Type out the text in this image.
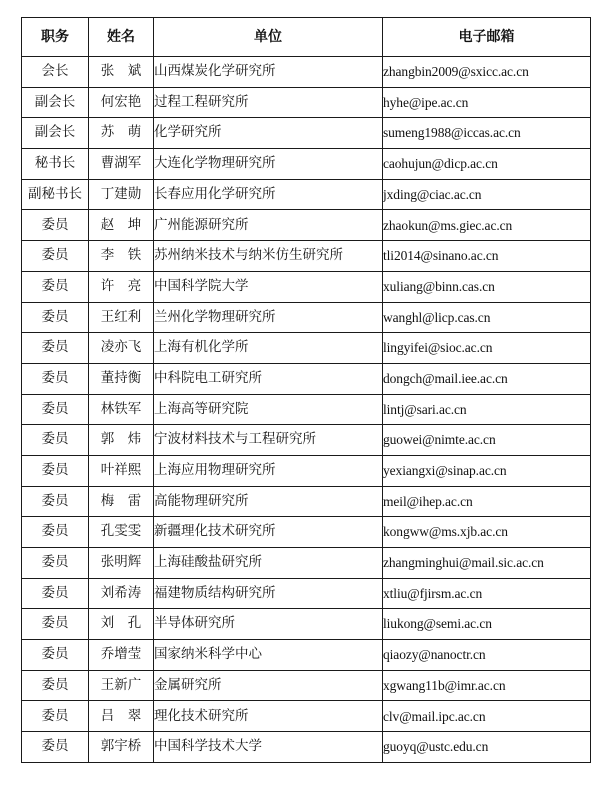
职务	姓名	单位	电子邮箱
会长	张　斌	山西煤炭化学研究所	zhangbin2009@sxicc.ac.cn
副会长	何宏艳	过程工程研究所	hyhe@ipe.ac.cn
副会长	苏　萌	化学研究所	sumeng1988@iccas.ac.cn
秘书长	曹湖军	大连化学物理研究所	caohujun@dicp.ac.cn
副秘书长	丁建勋	长春应用化学研究所	jxding@ciac.ac.cn
委员	赵　坤	广州能源研究所	zhaokun@ms.giec.ac.cn
委员	李　铁	苏州纳米技术与纳米仿生研究所	tli2014@sinano.ac.cn
委员	许　亮	中国科学院大学	xuliang@binn.cas.cn
委员	王红利	兰州化学物理研究所	wanghl@licp.cas.cn
委员	凌亦飞	上海有机化学所	lingyifei@sioc.ac.cn
委员	董持衡	中科院电工研究所	dongch@mail.iee.ac.cn
委员	林铁军	上海高等研究院	lintj@sari.ac.cn
委员	郭　炜	宁波材料技术与工程研究所	guowei@nimte.ac.cn
委员	叶祥熙	上海应用物理研究所	yexiangxi@sinap.ac.cn
委员	梅　雷	高能物理研究所	meil@ihep.ac.cn
委员	孔雯雯	新疆理化技术研究所	kongww@ms.xjb.ac.cn
委员	张明辉	上海硅酸盐研究所	zhangminghui@mail.sic.ac.cn
委员	刘希涛	福建物质结构研究所	xtliu@fjirsm.ac.cn
委员	刘　孔	半导体研究所	liukong@semi.ac.cn
委员	乔增莹	国家纳米科学中心	qiaozy@nanoctr.cn
委员	王新广	金属研究所	xgwang11b@imr.ac.cn
委员	吕　翠	理化技术研究所	clv@mail.ipc.ac.cn
委员	郭宇桥	中国科学技术大学	guoyq@ustc.edu.cn
